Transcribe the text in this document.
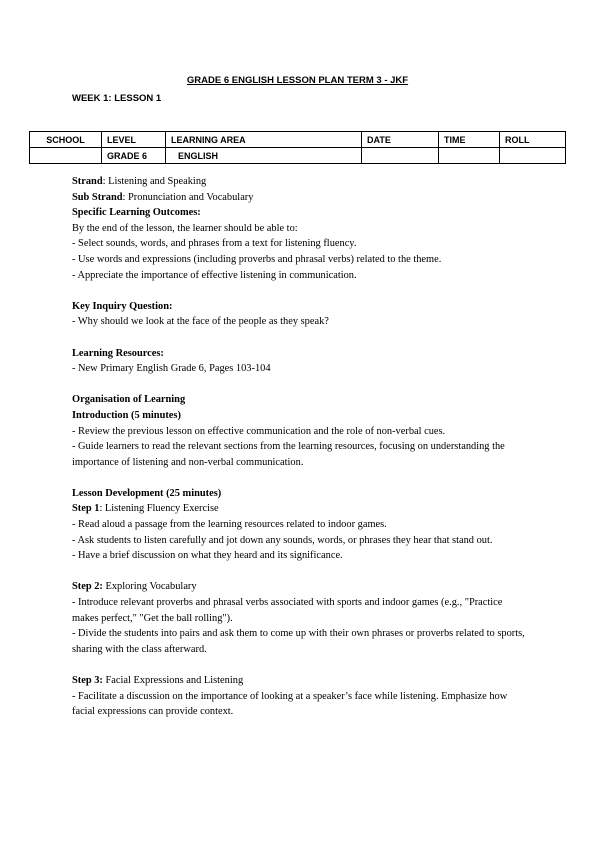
GRADE 6 ENGLISH LESSON PLAN TERM 3 - JKF
WEEK 1: LESSON 1
SCHOOL	LEVEL	LEARNING AREA	DATE	TIME	ROLL
	GRADE 6	ENGLISH			

Strand: Listening and Speaking

Sub Strand: Pronunciation and Vocabulary

Specific Learning Outcomes:

By the end of the lesson, the learner should be able to:

- Select sounds, words, and phrases from a text for listening fluency.

- Use words and expressions (including proverbs and phrasal verbs) related to the theme.

- Appreciate the importance of effective listening in communication.

Key Inquiry Question:

- Why should we look at the face of the people as they speak?

Learning Resources:

- New Primary English Grade 6, Pages 103-104

Organisation of Learning

Introduction (5 minutes)

- Review the previous lesson on effective communication and the role of non-verbal cues.

- Guide learners to read the relevant sections from the learning resources, focusing on understanding the importance of listening and non-verbal communication.

Lesson Development (25 minutes)

Step 1: Listening Fluency Exercise

- Read aloud a passage from the learning resources related to indoor games.

- Ask students to listen carefully and jot down any sounds, words, or phrases they hear that stand out.

- Have a brief discussion on what they heard and its significance.

Step 2: Exploring Vocabulary

- Introduce relevant proverbs and phrasal verbs associated with sports and indoor games (e.g., "Practice makes perfect," "Get the ball rolling").

- Divide the students into pairs and ask them to come up with their own phrases or proverbs related to sports, sharing with the class afterward.

Step 3: Facial Expressions and Listening

- Facilitate a discussion on the importance of looking at a speaker’s face while listening. Emphasize how facial expressions can provide context.
